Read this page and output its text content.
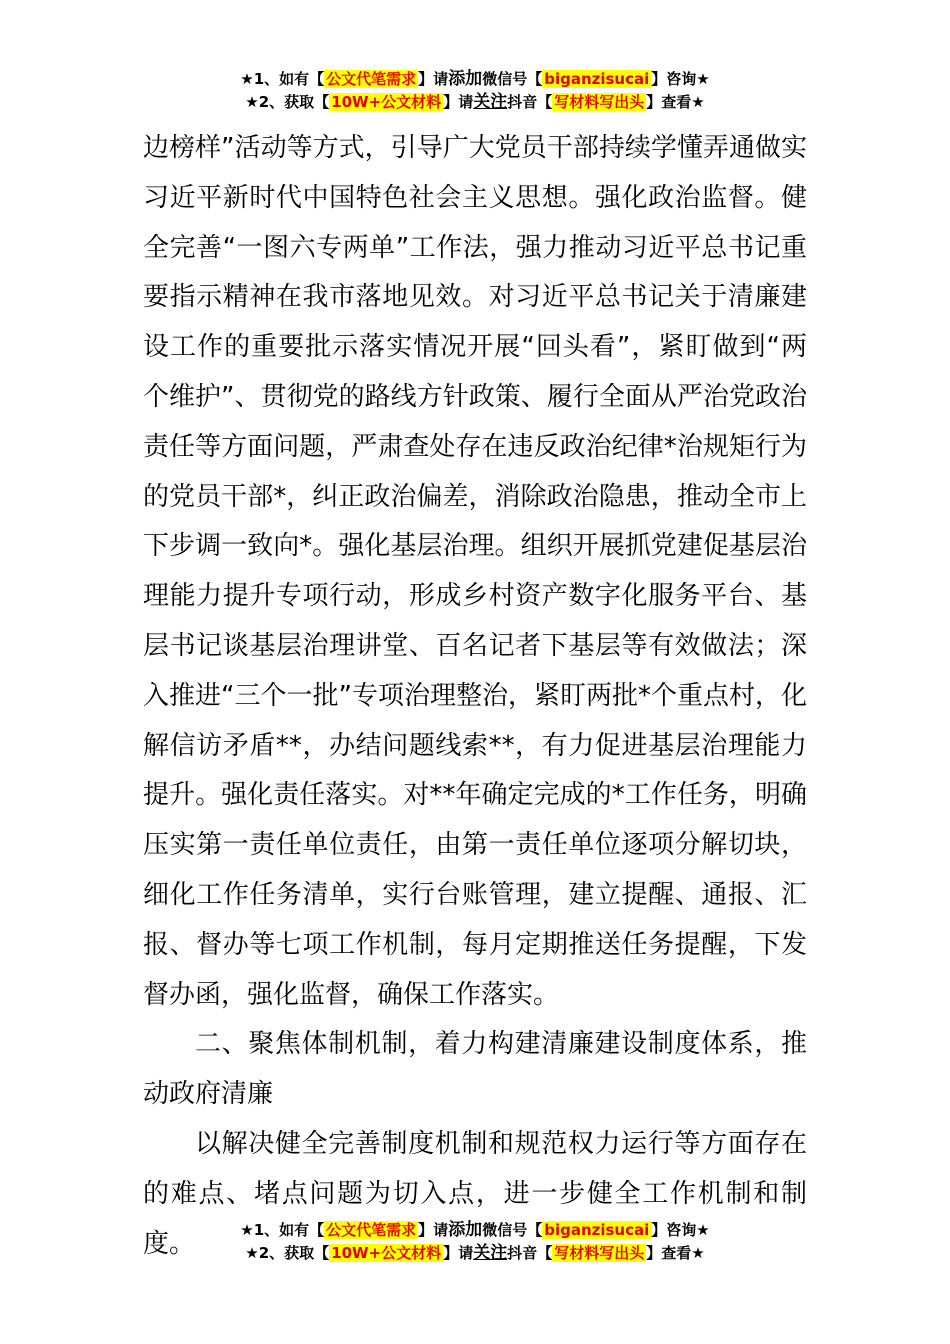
★1、如有【 公文代笔需求 】请添加微信号【 biganzisucai 】咨询★
★2、获取【 10W+公文材料 】请关注抖音【 写材料写出头 】查看★

边榜样”活动等方式，引导广大党员干部持续学懂弄通做实习近平新时代中国特色社会主义思想。强化政治监督。健全完善“一图六专两单”工作法，强力推动习近平总书记重要指示精神在我市落地见效。对习近平总书记关于清廉建设工作的重要批示落实情况开展“回头看”，紧盯做到“两个维护”、贯彻党的路线方针政策、履行全面从严治党政治责任等方面问题，严肃查处存在违反政治纪律*治规矩行为的党员干部*，纠正政治偏差，消除政治隐患，推动全市上下步调一致向*。强化基层治理。组织开展抓党建促基层治理能力提升专项行动，形成乡村资产数字化服务平台、基层书记谈基层治理讲堂、百名记者下基层等有效做法；深入推进“三个一批”专项治理整治，紧盯两批*个重点村，化解信访矛盾**，办结问题线索**，有力促进基层治理能力提升。强化责任落实。对**年确定完成的*工作任务，明确压实第一责任单位责任，由第一责任单位逐项分解切块，细化工作任务清单，实行台账管理，建立提醒、通报、汇报、督办等七项工作机制，每月定期推送任务提醒，下发督办函，强化监督，确保工作落实。

二、聚焦体制机制，着力构建清廉建设制度体系，推动政府清廉

以解决健全完善制度机制和规范权力运行等方面存在的难点、堵点问题为切入点，进一步健全工作机制和制度。	★1、如有【 公文代笔需求 】请添加微信号【 biganzisucai 】咨询★
★2、获取【 10W+公文材料 】请关注抖音【 写材料写出头 】查看★
